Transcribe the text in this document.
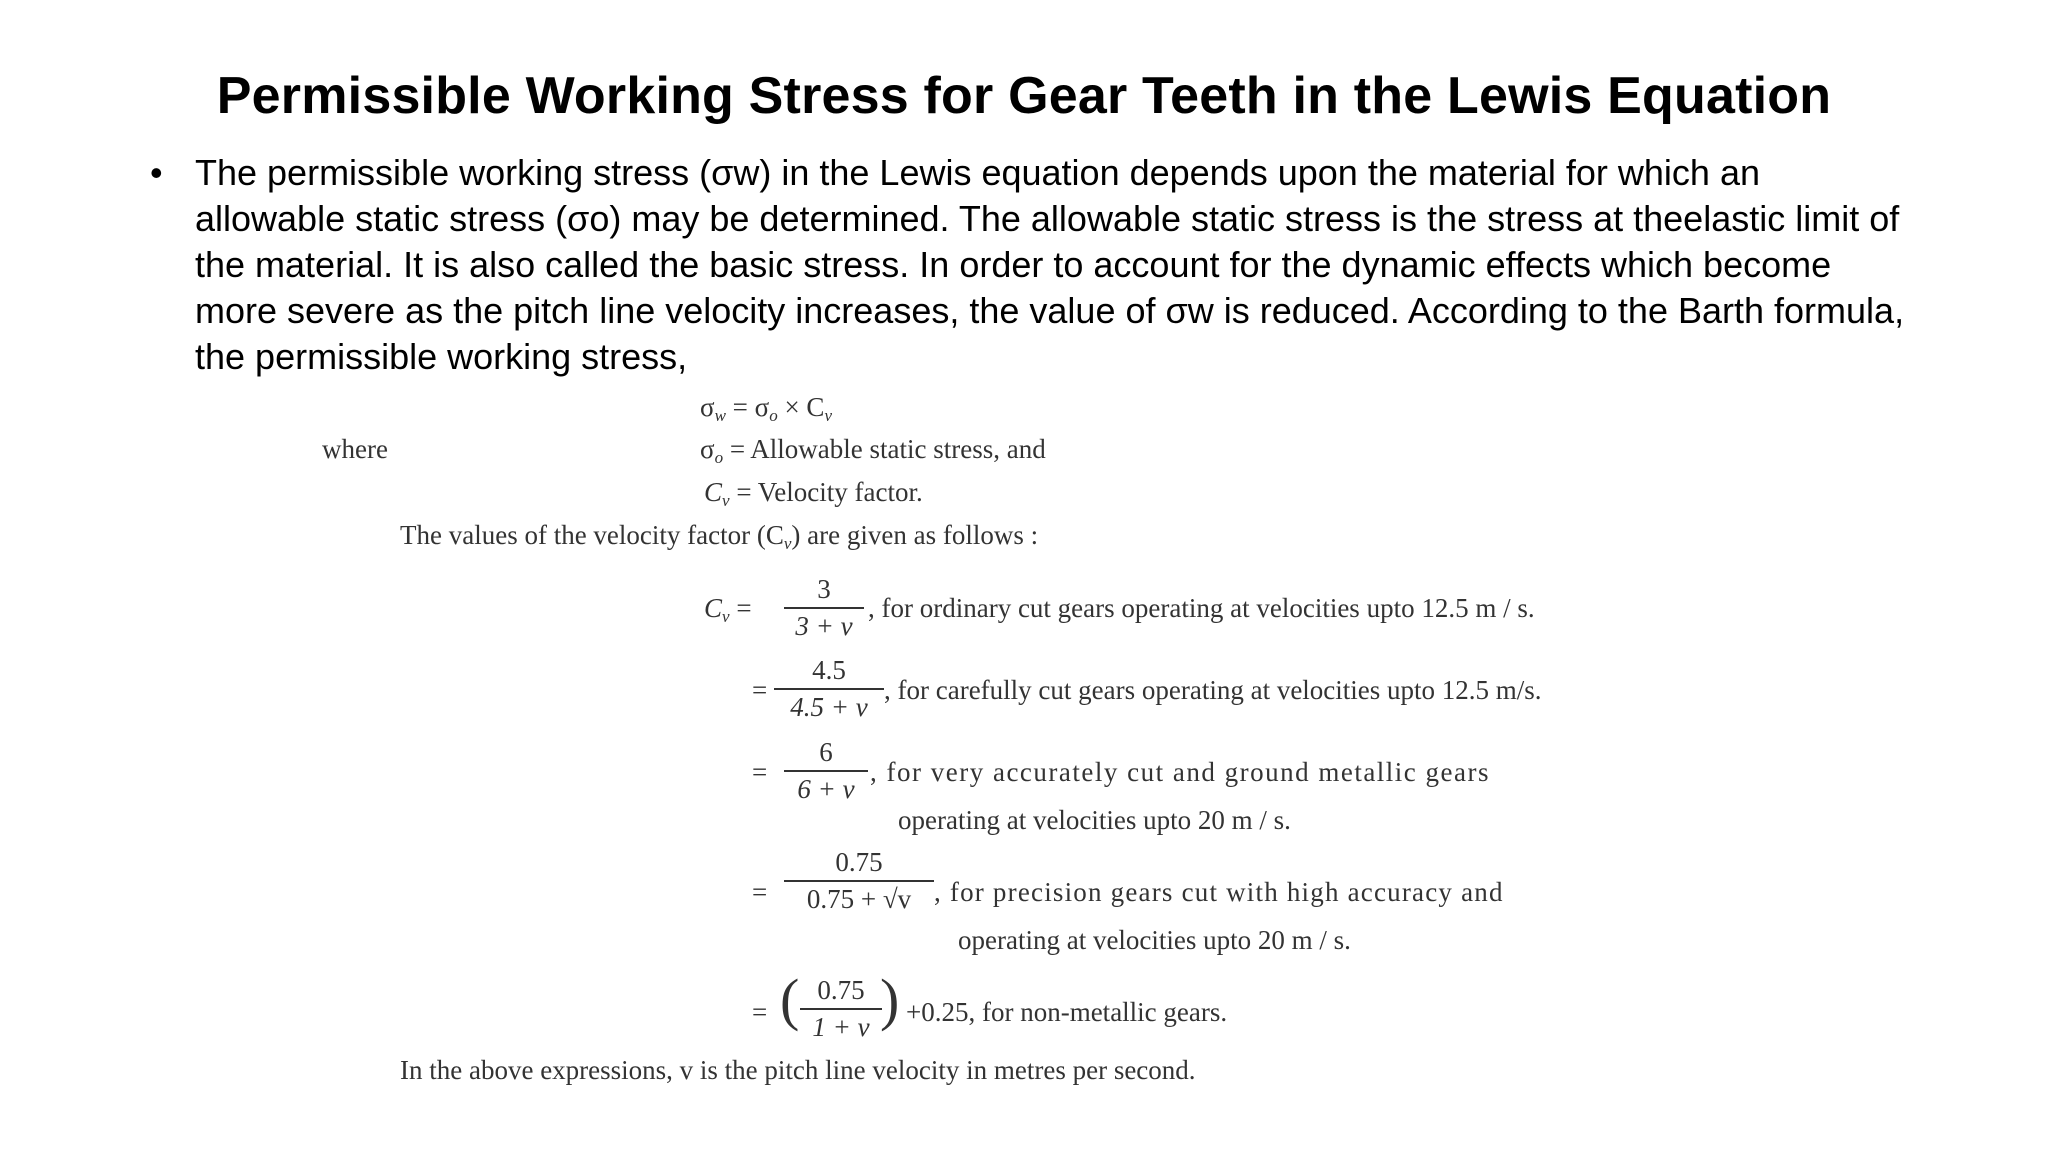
Permissible Working Stress for Gear Teeth in the Lewis Equation
• The permissible working stress (σw) in the Lewis equation depends upon the material for which an allowable static stress (σo) may be determined. The allowable static stress is the stress at theelastic limit of the material. It is also called the basic stress. In order to account for the dynamic effects which become more severe as the pitch line velocity increases, the value of σw is reduced. According to the Barth formula, the permissible working stress,
$\sigma_w = \sigma_o \times C_v$
where	$\sigma_o$ = Allowable static stress, and
$C_v$ = Velocity factor.
The values of the velocity factor $(C_v)$ are given as follows :
$C_v = \frac{3}{3 + v}$ , for ordinary cut gears operating at velocities upto 12.5 m / s.
= $\frac{4.5}{4.5 + v}$ , for carefully cut gears operating at velocities upto 12.5 m/s.
= $\frac{6}{6 + v}$ , for very accurately cut and ground metallic gears
operating at velocities upto 20 m / s.
= $\frac{0.75}{0.75 + √v}$ , for precision gears cut with high accuracy and
operating at velocities upto 20 m / s.
= ( $\frac{0.75}{1 + v}$
) +0.25, for non-metallic gears.
In the above expressions, v is the pitch line velocity in metres per second.
